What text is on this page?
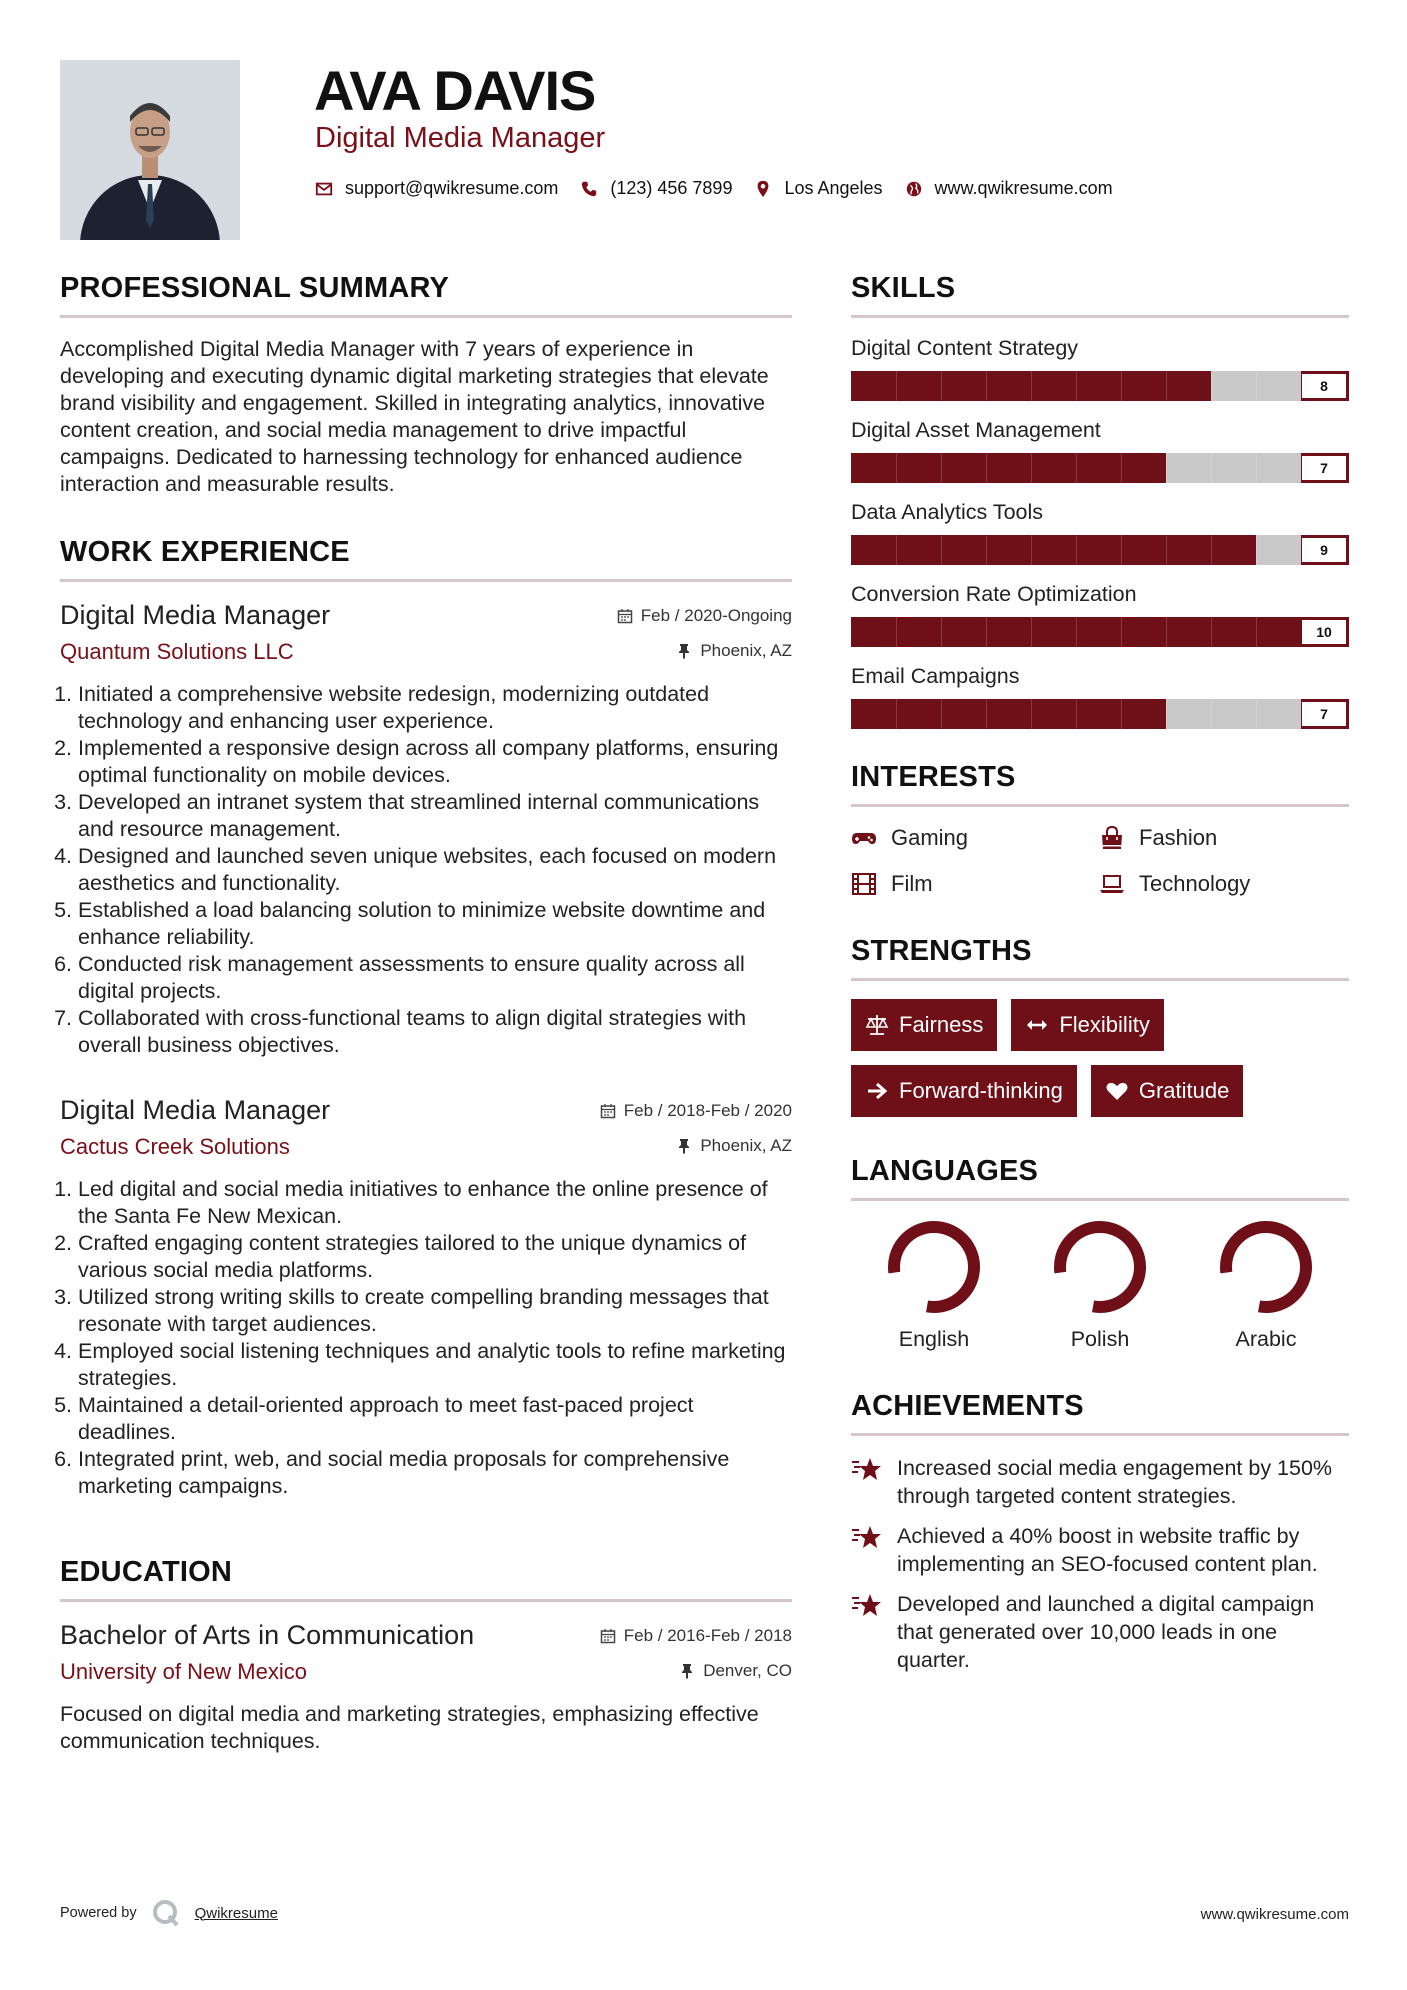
AVA DAVIS
Digital Media Manager
support@qwikresume.com	(123) 456 7899	Los Angeles	www.qwikresume.com
PROFESSIONAL SUMMARY
Accomplished Digital Media Manager with 7 years of experience in developing and executing dynamic digital marketing strategies that elevate brand visibility and engagement. Skilled in integrating analytics, innovative content creation, and social media management to drive impactful campaigns. Dedicated to harnessing technology for enhanced audience interaction and measurable results.
WORK EXPERIENCE
Digital Media Manager	Feb / 2020-Ongoing
Quantum Solutions LLC	Phoenix, AZ
1. Initiated a comprehensive website redesign, modernizing outdated technology and enhancing user experience.
2. Implemented a responsive design across all company platforms, ensuring optimal functionality on mobile devices.
3. Developed an intranet system that streamlined internal communications and resource management.
4. Designed and launched seven unique websites, each focused on modern aesthetics and functionality.
5. Established a load balancing solution to minimize website downtime and enhance reliability.
6. Conducted risk management assessments to ensure quality across all digital projects.
7. Collaborated with cross-functional teams to align digital strategies with overall business objectives.
Digital Media Manager	Feb / 2018-Feb / 2020
Cactus Creek Solutions	Phoenix, AZ
1. Led digital and social media initiatives to enhance the online presence of the Santa Fe New Mexican.
2. Crafted engaging content strategies tailored to the unique dynamics of various social media platforms.
3. Utilized strong writing skills to create compelling branding messages that resonate with target audiences.
4. Employed social listening techniques and analytic tools to refine marketing strategies.
5. Maintained a detail-oriented approach to meet fast-paced project deadlines.
6. Integrated print, web, and social media proposals for comprehensive marketing campaigns.
EDUCATION
Bachelor of Arts in Communication	Feb / 2016-Feb / 2018
University of New Mexico	Denver, CO
Focused on digital media and marketing strategies, emphasizing effective communication techniques.
SKILLS
Digital Content Strategy
8
Digital Asset Management
7
Data Analytics Tools
9
Conversion Rate Optimization
10
Email Campaigns
7
INTERESTS
Gaming	Fashion
Film	Technology
STRENGTHS
Fairness	Flexibility
Forward-thinking	Gratitude
LANGUAGES
English	Polish	Arabic
ACHIEVEMENTS
Increased social media engagement by 150% through targeted content strategies.
Achieved a 40% boost in website traffic by implementing an SEO-focused content plan.
Developed and launched a digital campaign that generated over 10,000 leads in one quarter.
Powered by	Qwikresume	www.qwikresume.com
